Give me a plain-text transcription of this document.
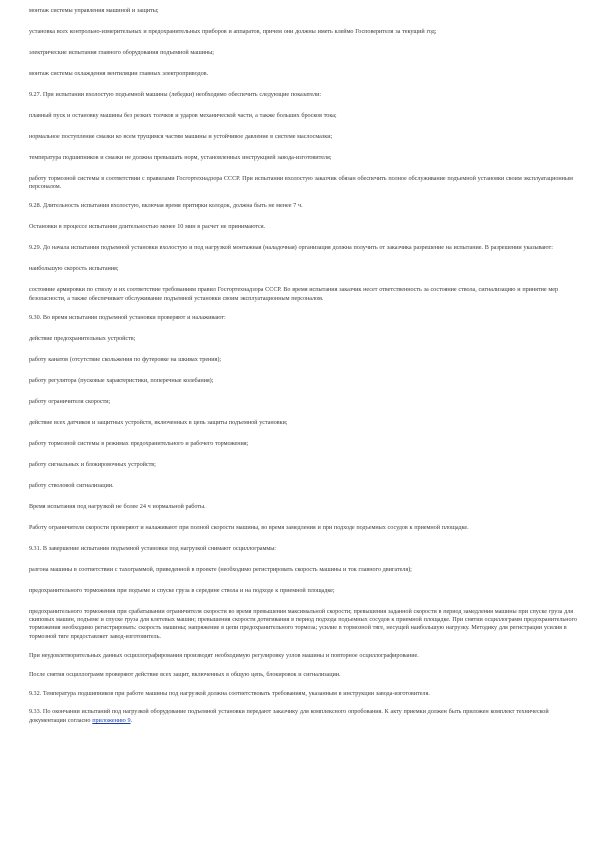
монтаж системы управления машиной и защиты;

установка всех контрольно-измерительных и предохранительных приборов и аппаратов, причем они должны иметь клеймо Госповерителя за текущий год;

электрические испытания главного оборудования подъемной машины;

монтаж системы охлаждения вентиляции главных электроприводов.

9.27. При испытании вхолостую подъемной машины (лебедки) необходимо обеспечить следующие показатели:

плавный пуск и остановку машины без резких толчков и ударов механической части, а также больших бросков тока;

нормальное поступление смазки ко всем трущимся частям машины и устойчивое давление в системе маслосмазки;

температура подшипников и смазки не должна превышать норм, установленных инструкцией завода-изготовителя;

работу тормозной системы в соответствии с правилами Госгортехнадзора СССР. При испытании вхолостую заказчик обязан обеспечить полное обслуживание подъемной установки своим эксплуатационным персоналом.

9.28. Длительность испытания вхолостую, включая время притирки колодок, должна быть не менее 7 ч.

Остановки в процессе испытания длительностью менее 10 мин в расчет не принимаются.

9.29. До начала испытания подъемной установки вхолостую и под нагрузкой монтажная (наладочная) организация должна получить от заказчика разрешение на испытание. В разрешении указывают:

наибольшую скорость испытания;

состояние армировки по стволу и их соответствие требованиям правил Госгортехнадзора СССР. Во время испытания заказчик несет ответственность за состояние ствола, сигнализацию и принятие мер безопасности, а также обеспечивает обслуживание подъемной установки своим эксплуатационным персоналом.

9.30. Во время испытания подъемной установки проверяют и налаживают:

действие предохранительных устройств;

работу канатов (отсутствие скольжения по футеровке на шкивах трения);

работу регулятора (пусковые характеристики, поперечные колебания);

работу ограничителя скорости;

действие всех датчиков и защитных устройств, включенных в цепь защиты подъемной установки;

работу тормозной системы в режимах предохранительного и рабочего торможения;

работу сигнальных и блокировочных устройств;

работу стволовой сигнализации.

Время испытания под нагрузкой не более 24 ч нормальной работы.

Работу ограничителя скорости проверяют и налаживают при полной скорости машины, во время замедления и при подходе подъемных сосудов к приемной площадке.

9.31. В завершение испытания подъемной установки под нагрузкой снимают осциллограммы:

разгона машины в соответствии с тахограммой, приведенной в проекте (необходимо регистрировать скорость машины и ток главного двигателя);

предохранительного торможения при подъеме и спуске груза в середине ствола и на подходе к приемной площадке;

предохранительного торможения при срабатывании ограничителя скорости во время превышения максимальной скорости; превышения заданной скорости в период замедления машины при спуске груза для скиповых машин, подъеме и спуске груза для клетевых машин; превышения скорости дотягивания в период подхода подъемных сосудов к приемной площадке. При снятии осциллограмм предохранительного торможения необходимо регистрировать: скорость машины; напряжение в цепи предохранительного тормоза; усилие в тормозной тяге, несущей наибольшую нагрузку. Методику для регистрации усилия в тормозной тяге предоставляет завод-изготовитель.

При неудовлетворительных данных осциллографирования производят необходимую регулировку узлов машины и повторное осциллографирование.

После снятия осциллограмм проверяют действие всех защит, включенных в общую цепь, блокировок и сигнализации.

9.32. Температура подшипников при работе машины под нагрузкой должна соответствовать требованиям, указанным в инструкции завода-изготовителя.

9.33. По окончании испытаний под нагрузкой оборудование подъемной установки передают заказчику для комплексного опробования. К акту приемки должен быть приложен комплект технической документации согласно приложению 9.
